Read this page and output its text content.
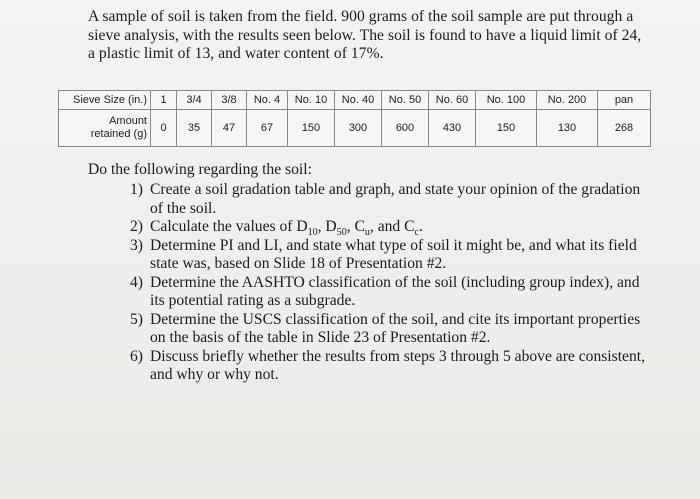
A sample of soil is taken from the field. 900 grams of the soil sample are put through a sieve analysis, with the results seen below. The soil is found to have a liquid limit of 24, a plastic limit of 13, and water content of 17%.

Sieve Size (in.)	1	3/4	3/8	No. 4	No. 10	No. 40	No. 50	No. 60	No. 100	No. 200	pan

Amount
retained (g)	0	35	47	67	150	300	600	430	150	130	268

Do the following regarding the soil:

1) Create a soil gradation table and graph, and state your opinion of the gradation of the soil.
2) Calculate the values of $D_{10}$, $D_{50}$, $C_u$, and $C_c$.
3) Determine PI and LI, and state what type of soil it might be, and what its field state was, based on Slide 18 of Presentation #2.
4) Determine the AASHTO classification of the soil (including group index), and its potential rating as a subgrade.
5) Determine the USCS classification of the soil, and cite its important properties on the basis of the table in Slide 23 of Presentation #2.
6) Discuss briefly whether the results from steps 3 through 5 above are consistent, and why or why not.
